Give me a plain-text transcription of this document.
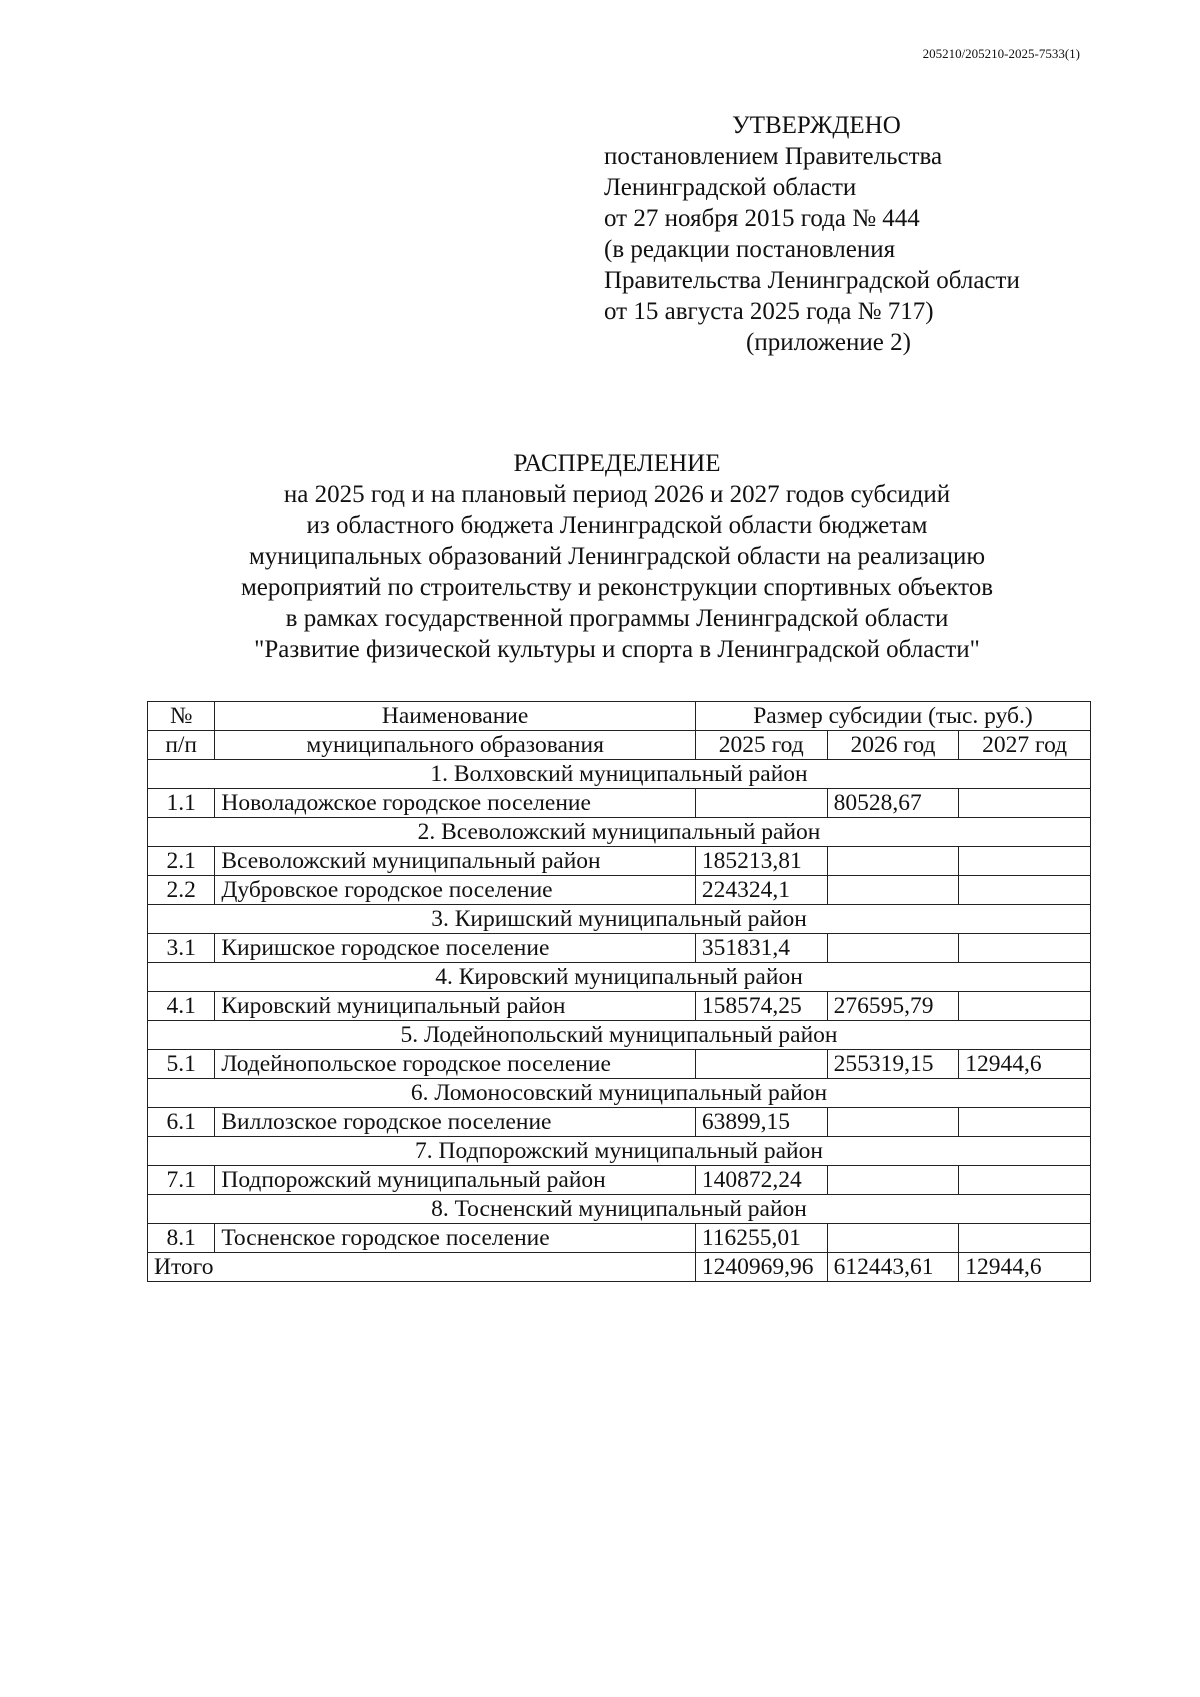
205210/205210-2025-7533(1)
УТВЕРЖДЕНО
постановлением Правительства
Ленинградской области
от 27 ноября 2015 года № 444
(в редакции постановления
Правительства Ленинградской области
от 15 августа 2025 года № 717)
(приложение 2)
РАСПРЕДЕЛЕНИЕ
на 2025 год и на плановый период 2026 и 2027 годов субсидий
из областного бюджета Ленинградской области бюджетам
муниципальных образований Ленинградской области на реализацию
мероприятий по строительству и реконструкции спортивных объектов
в рамках государственной программы Ленинградской области
"Развитие физической культуры и спорта в Ленинградской области"
№	Наименование	Размер субсидии (тыс. руб.)		
п/п	муниципального образования	2025 год	2026 год	2027 год
1. Волховский муниципальный район				
1.1	Новоладожское городское поселение		80528,67	
2. Всеволожский муниципальный район				
2.1	Всеволожский муниципальный район	185213,81		
2.2	Дубровское городское поселение	224324,1		
3. Киришский муниципальный район				
3.1	Киришское городское поселение	351831,4		
4. Кировский муниципальный район				
4.1	Кировский муниципальный район	158574,25	276595,79	
5. Лодейнопольский муниципальный район				
5.1	Лодейнопольское городское поселение		255319,15	12944,6
6. Ломоносовский муниципальный район				
6.1	Виллозское городское поселение	63899,15		
7. Подпорожский муниципальный район				
7.1	Подпорожский муниципальный район	140872,24		
8. Тосненский муниципальный район				
8.1	Тосненское городское поселение	116255,01		
Итого		1240969,96	612443,61	12944,6
